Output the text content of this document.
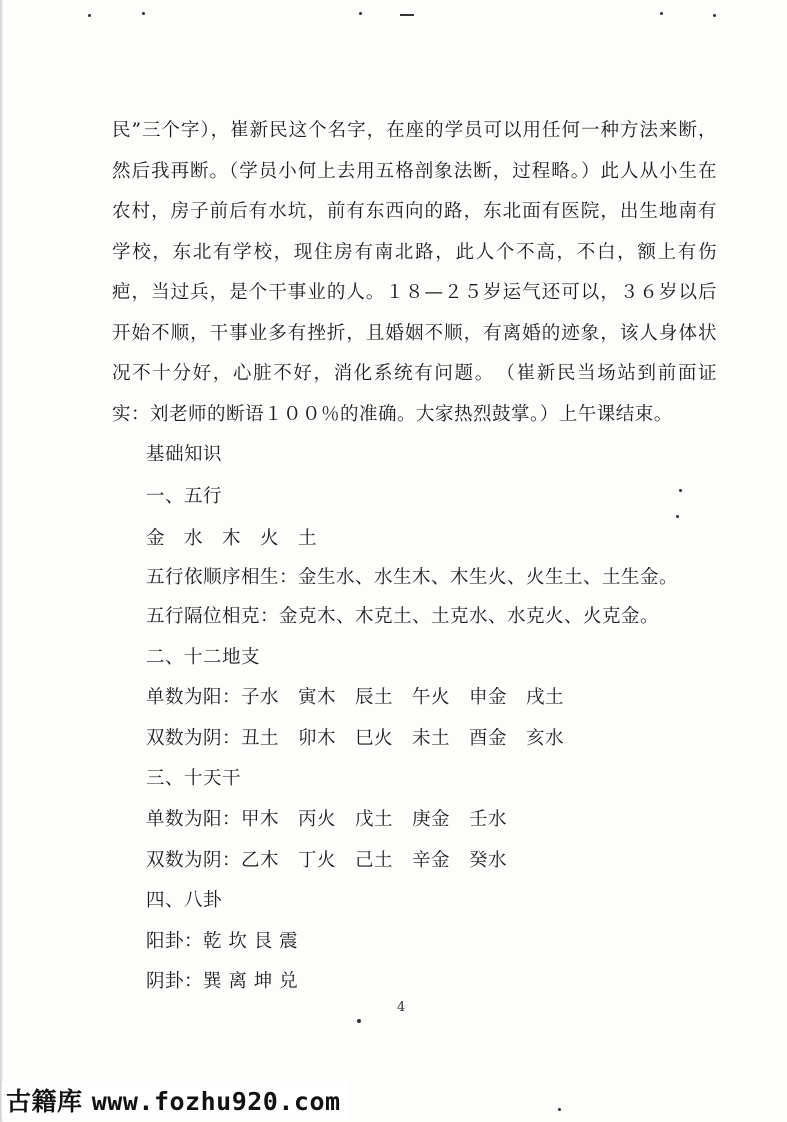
民”三个字），崔新民这个名字，在座的学员可以用任何一种方法来断，然后我再断。（学员小何上去用五格剖象法断，过程略。）此人从小生在农村，房子前后有水坑，前有东西向的路，东北面有医院，出生地南有学校，东北有学校，现住房有南北路，此人个不高，不白，额上有伤疤，当过兵，是个干事业的人。１８—２５岁运气还可以，３６岁以后开始不顺，干事业多有挫折，且婚姻不顺，有离婚的迹象，该人身体状况不十分好，心脏不好，消化系统有问题。　（崔新民当场站到前面证实：刘老师的断语１００％的准确。大家热烈鼓掌。）上午课结束。

基础知识

一、五行

金　水　木　火　土

五行依顺序相生：金生水、水生木、木生火、火生土、土生金。

五行隔位相克：金克木、木克土、土克水、水克火、火克金。

二、十二地支

单数为阳：子水　寅木　辰土　午火　申金　戌土

双数为阴：丑土　卯木　巳火　未土　酉金　亥水

三、十天干

单数为阳：甲木　丙火　戊土　庚金　壬水

双数为阴：乙木　丁火　己土　辛金　癸水

四、八卦

阳卦：乾 坎 艮 震

阴卦：巽 离 坤 兑

4
古籍库 www.fozhu920.com
